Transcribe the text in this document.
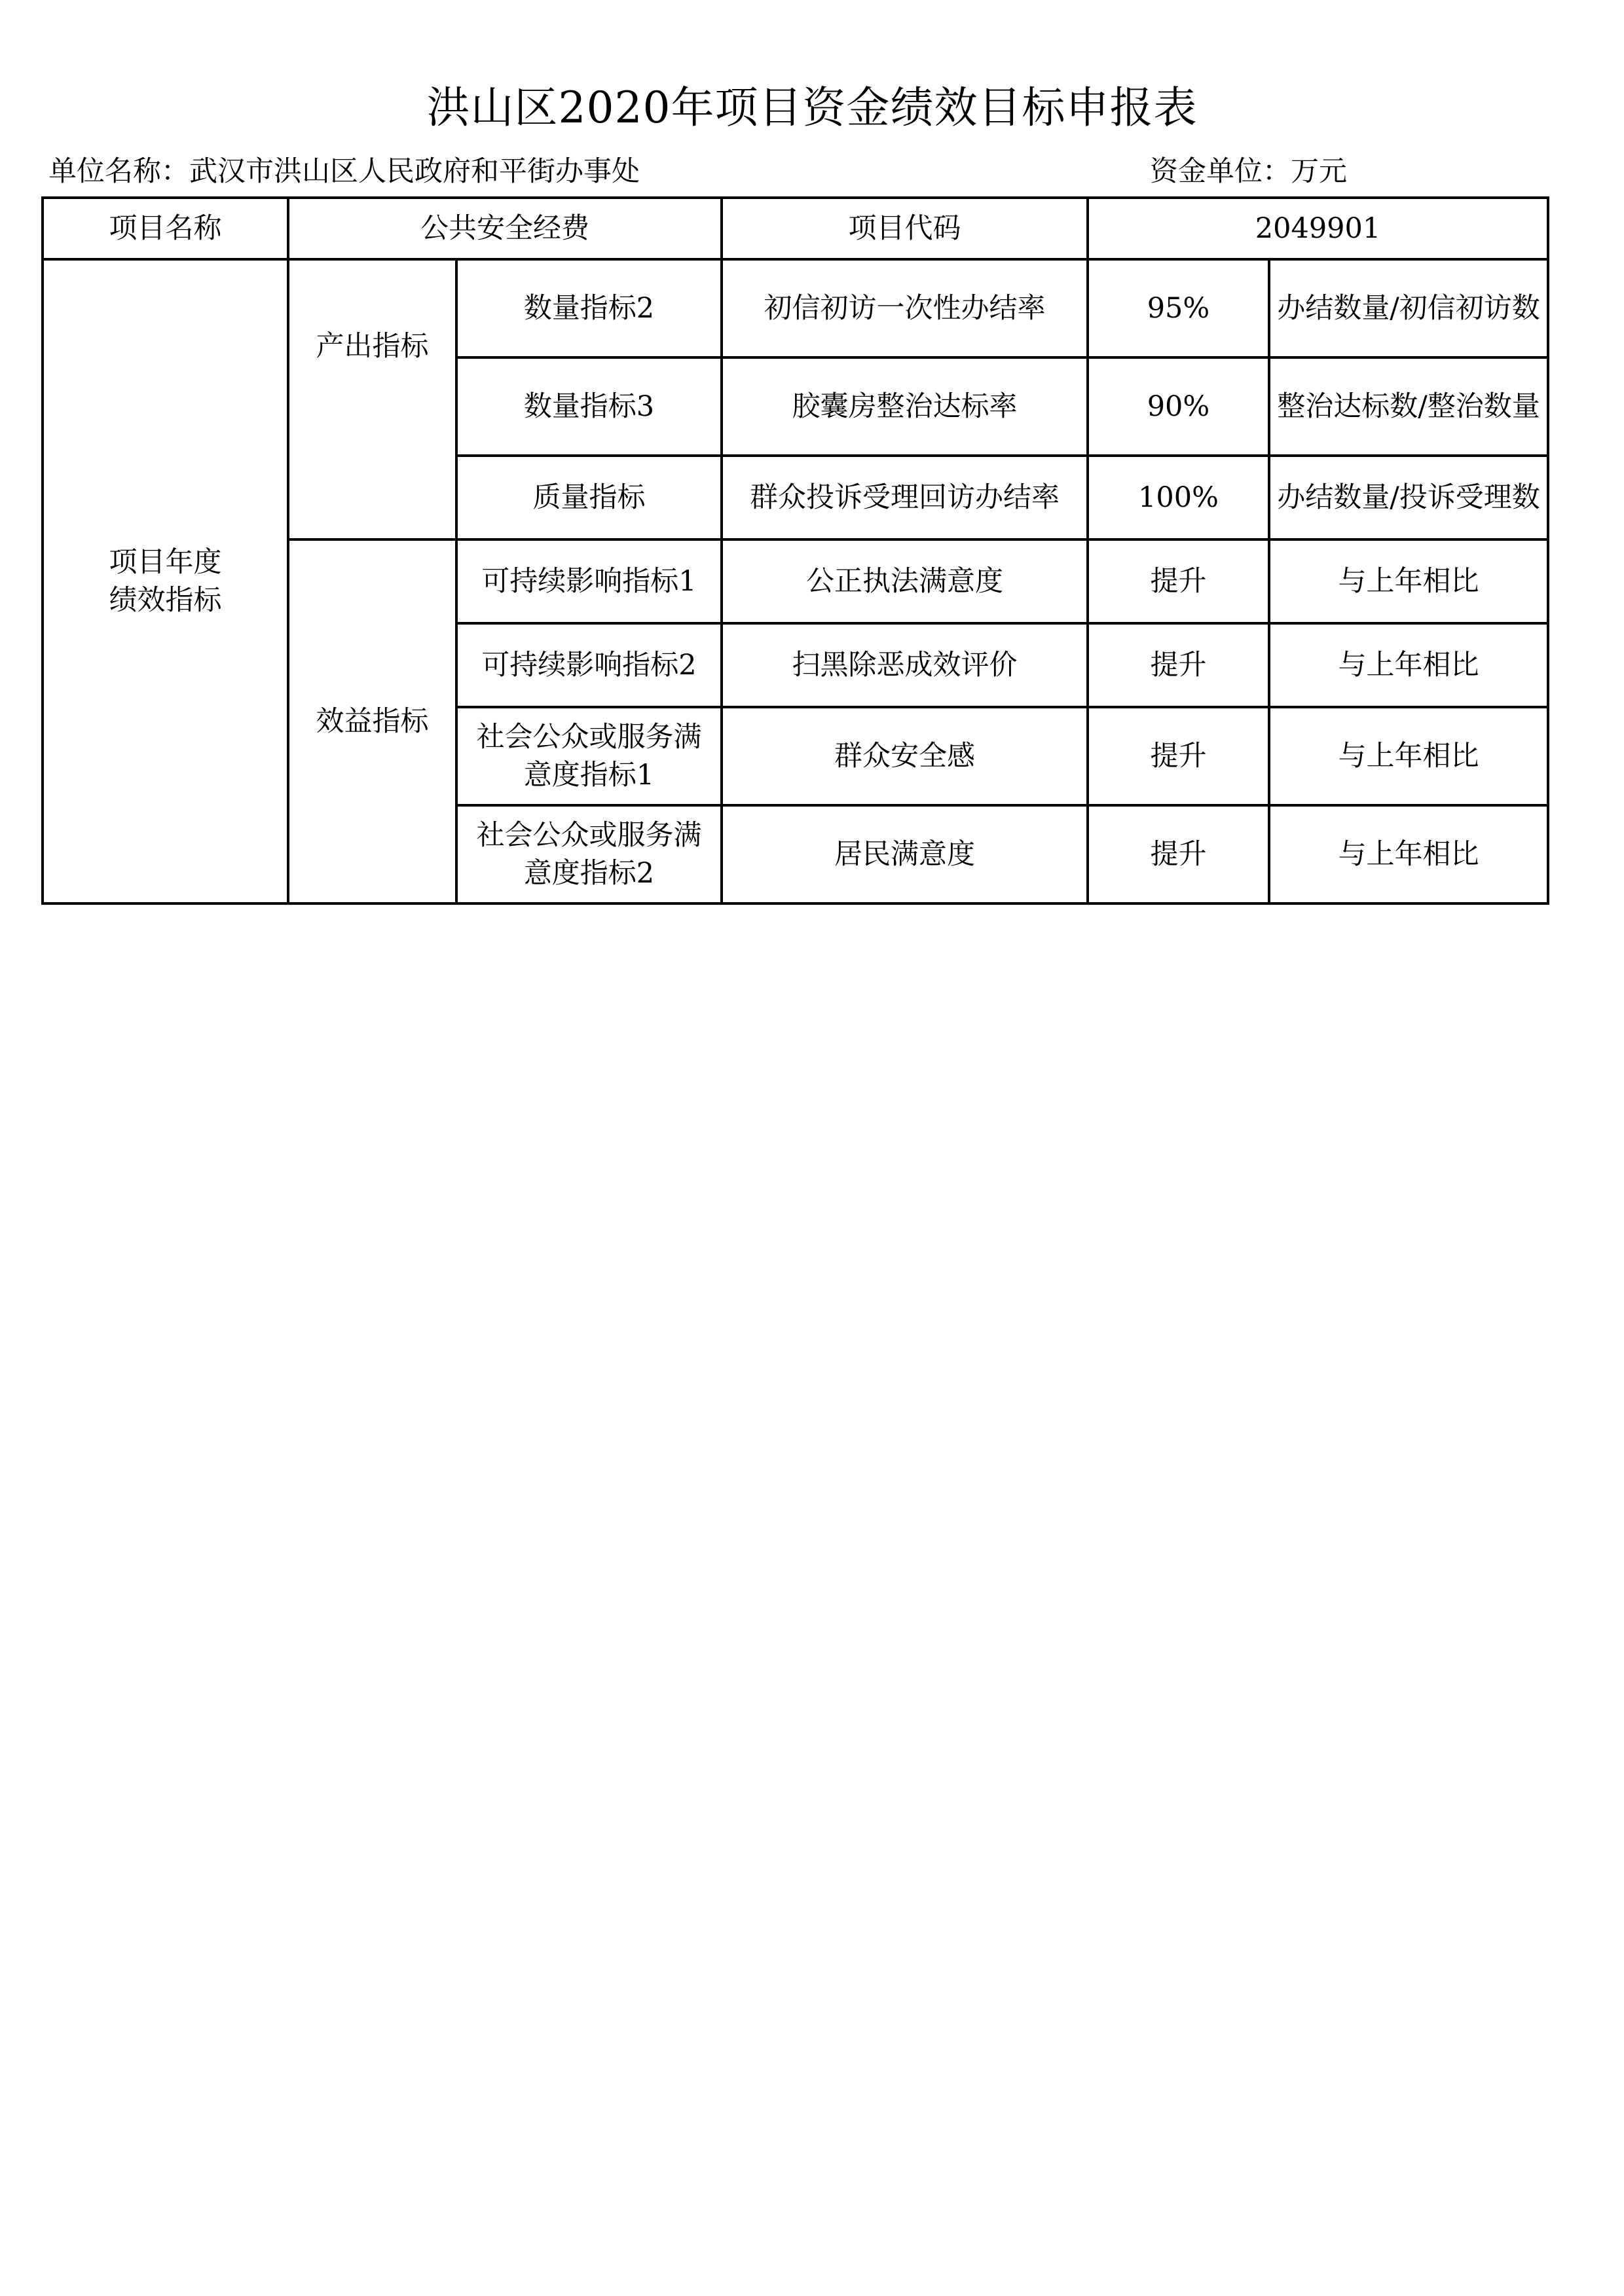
洪山区2020年项目资金绩效目标申报表
单位名称：武汉市洪山区人民政府和平街办事处	资金单位：万元
项目名称	公共安全经费		项目代码	2049901	
项目年度
绩效指标	产出指标	数量指标2	初信初访一次性办结率	95%	办结数量/初信初访数
		数量指标3	胶囊房整治达标率	90%	整治达标数/整治数量
		质量指标	群众投诉受理回访办结率	100%	办结数量/投诉受理数
	效益指标	可持续影响指标1	公正执法满意度	提升	与上年相比
		可持续影响指标2	扫黑除恶成效评价	提升	与上年相比
		社会公众或服务满意度指标1	群众安全感	提升	与上年相比
		社会公众或服务满意度指标2	居民满意度	提升	与上年相比
